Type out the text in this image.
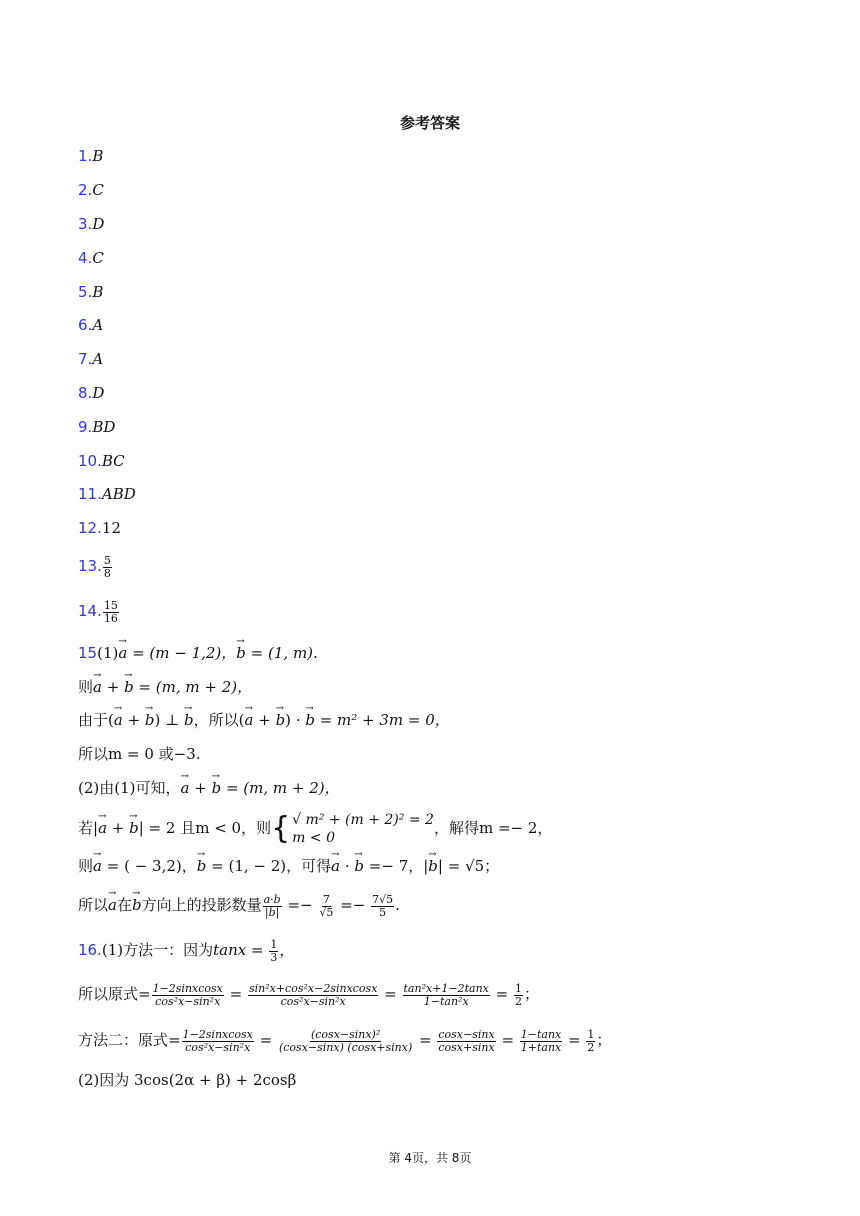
参考答案
1.B
2.C
3.D
4.C
5.B
6.A
7.A
8.D
9.BD
10.BC
11.ABD
12.12
13. $\frac{5}{8}$
14. $\frac{15}{16}$
15(1)→ a = (m − 1,2)，→ b = (1, m).
则→ a + → b = (m, m + 2)，
由于(→ a + → b) ⊥ → b，所以(→ a + → b) · → b = m² + 3m = 0，
所以m = 0 或−3.
(2)由(1)可知，→ a + → b = (m, m + 2)，
若|→ a + → b| = 2 且m < 0，则 { √ m² + (m + 2)² = 2
m < 0
，解得m =− 2，
则→ a = ( − 3,2)，→ b = (1, − 2)，可得→ a · → b =− 7，|→ b| = √5；
所以→ a在→ b方向上的投影数量 $\frac{a\cdot b}{|b|} =- \frac{7}{√5} =- \frac{7√5}{5}$ .
16.(1)方法一：因为$\tan x = \frac{1}{3}$ ，
所以原式= $\frac{\text{1−2sinxcosx}}{\text{cos²x−sin²x}} = \frac{\text{sin²x+cos²x−2sinxcosx}}{\text{cos²x−sin²x}} = \frac{\text{tan²x+1−2tanx}}{\text{1−tan²x}} = \frac{1}{2}$ ；
方法二：原式= $\frac{\text{1−2sinxcosx}}{\text{cos²x−sin²x}} = \frac{\text{(cosx−sinx)²}}{(\cos x-\sin x) (\cos x+\sin x)} = \frac{\cos x-\sin x}{\cos x+\sin x} = \frac{1-\tan x}{1+\tan x} = \frac{1}{2}$ ；
(2)因为 3cos(2α + β) + 2cosβ
第 4页，共 8页
